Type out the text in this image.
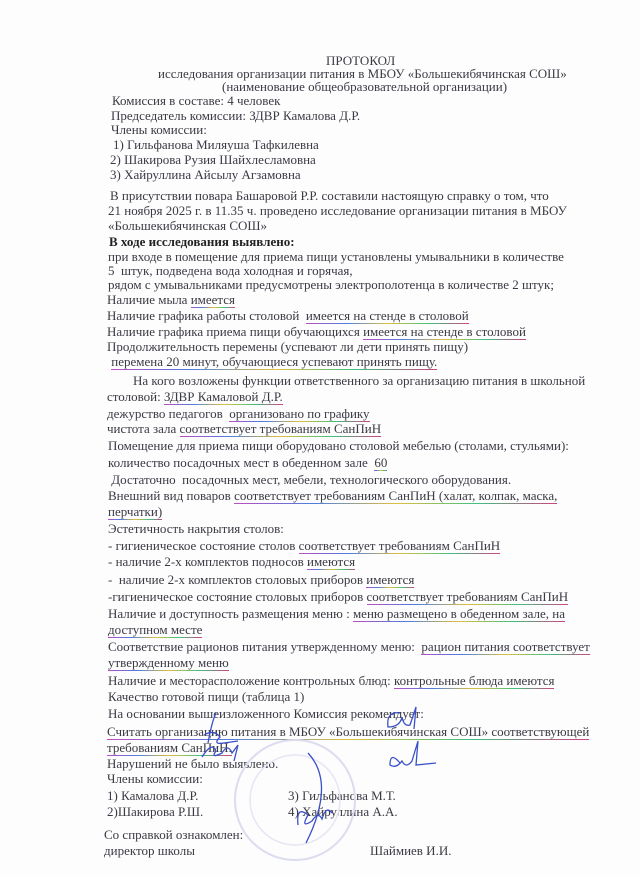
ПРОТОКОЛ
исследования организации питания в МБОУ «Большекибячинская СОШ»
(наименование общеобразовательной организации)
Комиссия в составе: 4 человек
Председатель комиссии: ЗДВР Камалова Д.Р.
Члены комиссии:
1) Гильфанова Миляуша Тафкилевна
2) Шакирова Рузия Шайхлесламовна
3) Хайруллина Айсылу Агзамовна
В присутствии повара Башаровой Р.Р. составили настоящую справку о том, что
21 ноября 2025 г. в 11.35 ч. проведено исследование организации питания в МБОУ
«Большекибячинская СОШ»
В ходе исследования выявлено:
при входе в помещение для приема пищи установлены умывальники в количестве
5  штук, подведена вода холодная и горячая,
рядом с умывальниками предусмотрены электрополотенца в количестве 2 штук;
Наличие мыла имеется
Наличие графика работы столовой  имеется на стенде в столовой
Наличие графика приема пищи обучающихся имеется на стенде в столовой
Продолжительность перемены (успевают ли дети принять пищу)
перемена 20 минут, обучающиеся успевают принять пищу.
На кого возложены функции ответственного за организацию питания в школьной
столовой: ЗДВР Камаловой Д.Р.
дежурство педагогов  организовано по графику
чистота зала соответствует требованиям СанПиН
Помещение для приема пищи оборудовано столовой мебелью (столами, стульями):
количество посадочных мест в обеденном зале  60
Достаточно  посадочных мест, мебели, технологического оборудования.
Внешний вид поваров соответствует требованиям СанПиН (халат, колпак, маска,
перчатки)
Эстетичность накрытия столов:
- гигиеническое состояние столов соответствует требованиям СанПиН
- наличие 2-х комплектов подносов имеются
-  наличие 2-х комплектов столовых приборов имеются
-гигиеническое состояние столовых приборов соответствует требованиям СанПиН
Наличие и доступность размещения меню : меню размещено в обеденном зале, на
доступном месте
Соответствие рационов питания утвержденному меню:  рацион питания соответствует
утвержденному меню
Наличие и месторасположение контрольных блюд: контрольные блюда имеются
Качество готовой пищи (таблица 1)
На основании вышеизложенного Комиссия рекомендует:
Считать организацию питания в МБОУ «Большекибячинская СОШ» соответствующей
требованиям СанПиН.
Нарушений не было выявлено.
Члены комиссии:
1) Камалова Д.Р.
2)Шакирова Р.Ш.
3) Гильфанова М.Т.
4) Хайруллина А.А.
Со справкой ознакомлен:
директор школы	Шаймиев И.И.
